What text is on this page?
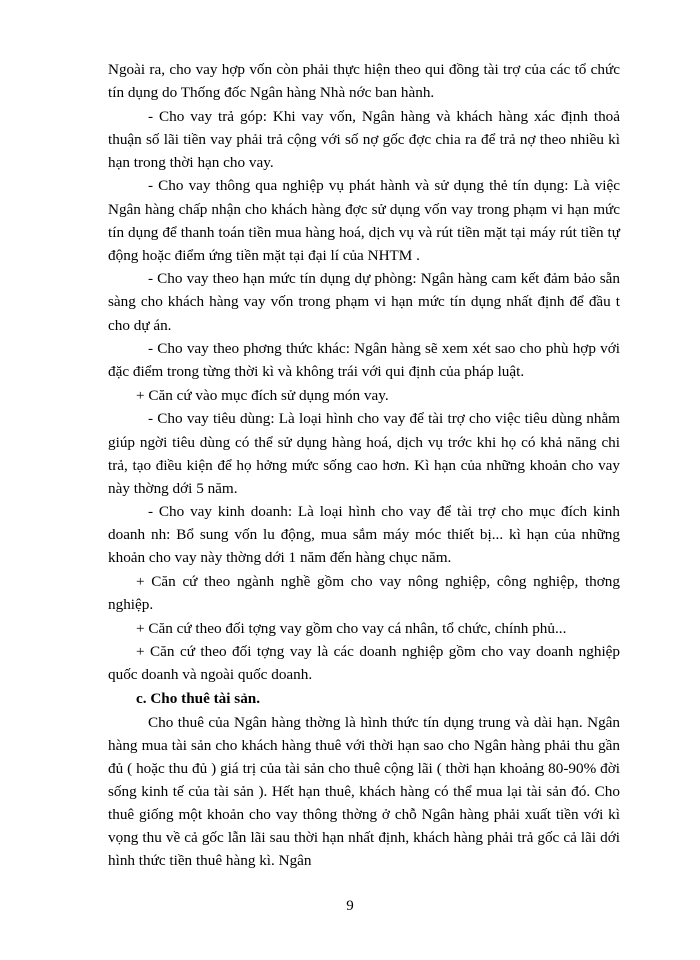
Ngoài ra, cho vay hợp vốn còn phải thực hiện theo qui đồng tài trợ của các tổ chức tín dụng do Thống đốc Ngân hàng Nhà nớc ban hành.

- Cho vay trả góp: Khi vay vốn, Ngân hàng và khách hàng xác định thoả thuận số lãi tiền vay phải trả cộng với số nợ gốc đợc chia ra để trả nợ theo nhiều kì hạn trong thời hạn cho vay.

- Cho vay thông qua nghiệp vụ phát hành và sử dụng thẻ tín dụng: Là việc Ngân hàng chấp nhận cho khách hàng đợc sử dụng vốn vay trong phạm vi hạn mức tín dụng để thanh toán tiền mua hàng hoá, dịch vụ và rút tiền mặt tại máy rút tiền tự động hoặc điểm ứng tiền mặt tại đại lí của NHTM .

- Cho vay theo hạn mức tín dụng dự phòng: Ngân hàng cam kết đảm bảo sẵn sàng cho khách hàng vay vốn trong phạm vi hạn mức tín dụng nhất định để đầu t cho dự án.

- Cho vay theo phơng thức khác: Ngân hàng sẽ xem xét sao cho phù hợp với đặc điểm trong từng thời kì và không trái với qui định của pháp luật.

+ Căn cứ vào mục đích sử dụng món vay.

- Cho vay tiêu dùng: Là loại hình cho vay để tài trợ cho việc tiêu dùng nhằm giúp ngời tiêu dùng có thể sử dụng hàng hoá, dịch vụ trớc khi họ có khả năng chi trả, tạo điều kiện để họ hởng mức sống cao hơn. Kì hạn của những khoản cho vay này thờng dới 5 năm.

- Cho vay kinh doanh: Là loại hình cho vay để tài trợ cho mục đích kinh doanh nh: Bổ sung vốn lu động, mua sắm máy móc thiết bị... kì hạn của những khoản cho vay này thờng dới 1 năm đến hàng chục năm.

+ Căn cứ theo ngành nghề gồm cho vay nông nghiệp, công nghiệp, thơng nghiệp.

+ Căn cứ theo đối tợng vay gồm cho vay cá nhân, tổ chức, chính phủ...

+ Căn cứ theo đối tợng vay là các doanh nghiệp gồm cho vay doanh nghiệp quốc doanh và ngoài quốc doanh.

c. Cho thuê tài sản.

Cho thuê của Ngân hàng thờng là hình thức tín dụng trung và dài hạn. Ngân hàng mua tài sản cho khách hàng thuê với thời hạn sao cho Ngân hàng phải thu gần đủ ( hoặc thu đủ ) giá trị của tài sản cho thuê cộng lãi ( thời hạn khoảng 80-90% đời sống kinh tế của tài sản ). Hết hạn thuê, khách hàng có thể mua lại tài sản đó. Cho thuê giống một khoản cho vay thông thờng ở chỗ Ngân hàng phải xuất tiền với kì vọng thu về cả gốc lẫn lãi sau thời hạn nhất định, khách hàng phải trả gốc cả lãi dới hình thức tiền thuê hàng kì. Ngân

9
